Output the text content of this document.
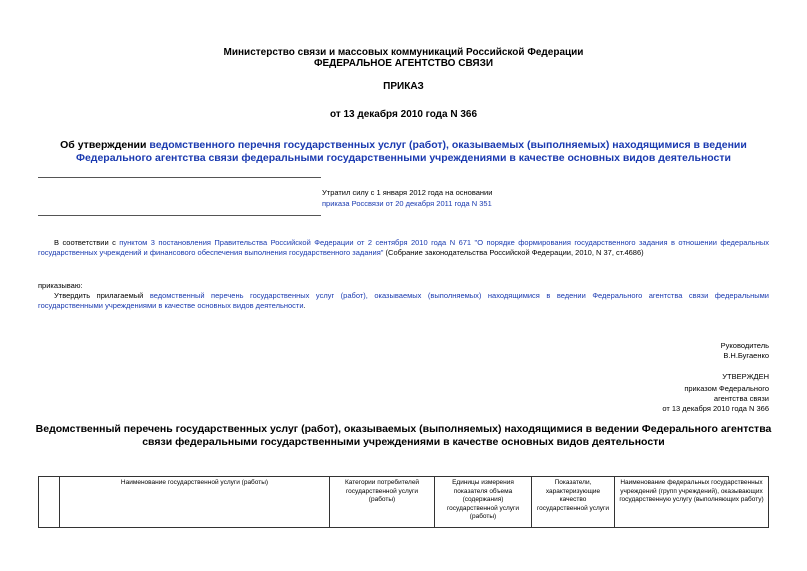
Министерство связи и массовых коммуникаций Российской Федерации
ФЕДЕРАЛЬНОЕ АГЕНТСТВО СВЯЗИ
ПРИКАЗ
от 13 декабря 2010 года N 366
Об утверждении ведомственного перечня государственных услуг (работ), оказываемых (выполняемых) находящимися в ведении Федерального агентства связи федеральными государственными учреждениями в качестве основных видов деятельности
Утратил силу с 1 января 2012 года на основании
приказа Россвязи от 20 декабря 2011 года N 351
В соответствии с пунктом 3 постановления Правительства Российской Федерации от 2 сентября 2010 года N 671 "О порядке формирования государственного задания в отношении федеральных государственных учреждений и финансового обеспечения выполнения государственного задания" (Собрание законодательства Российской Федерации, 2010, N 37, ст.4686)
приказываю:
Утвердить прилагаемый ведомственный перечень государственных услуг (работ), оказываемых (выполняемых) находящимися в ведении Федерального агентства связи федеральными государственными учреждениями в качестве основных видов деятельности.
Руководитель
В.Н.Бугаенко
УТВЕРЖДЕН
приказом Федерального
агентства связи
от 13 декабря 2010 года N 366
Ведомственный перечень государственных услуг (работ), оказываемых (выполняемых) находящимися в ведении Федерального агентства связи федеральными государственными учреждениями в качестве основных видов деятельности
	Наименование государственной услуги (работы)	Категории потребителей государственной услуги (работы)	Единицы измерения показателя объема (содержания) государственной услуги (работы)	Показатели, характеризующие качество государственной услуги	Наименование федеральных государственных учреждений (групп учреждений), оказывающих государственную услугу (выполняющих работу)
